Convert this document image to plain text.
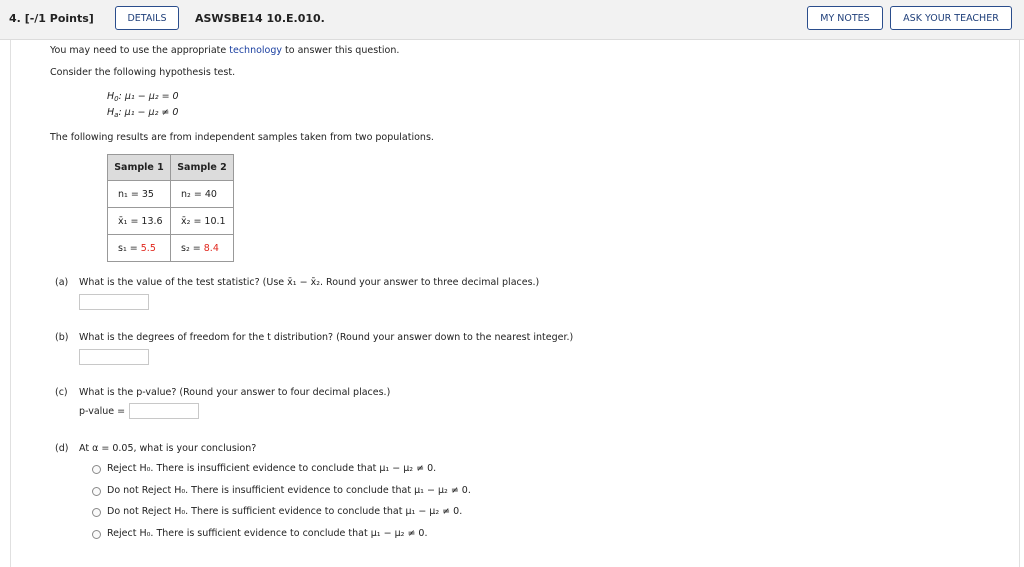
4. [-/1 Points]	DETAILS	ASWSBE14 10.E.010.	MY NOTES	ASK YOUR TEACHER
You may need to use the appropriate technology to answer this question.
Consider the following hypothesis test.
$H_0$: μ₁ − μ₂ = 0
$H_a$: μ₁ − μ₂ ≠ 0
The following results are from independent samples taken from two populations.
Sample 1	Sample 2
n₁ = 35	n₂ = 40
x̄₁ = 13.6	x̄₂ = 10.1
s₁ = 5.5	s₂ = 8.4
(a) What is the value of the test statistic? (Use x̄₁ − x̄₂. Round your answer to three decimal places.)
(b) What is the degrees of freedom for the t distribution? (Round your answer down to the nearest integer.)
(c) What is the p-value? (Round your answer to four decimal places.)
p-value =
(d) At α = 0.05, what is your conclusion?
Reject H₀. There is insufficient evidence to conclude that μ₁ − μ₂ ≠ 0.
Do not Reject H₀. There is insufficient evidence to conclude that μ₁ − μ₂ ≠ 0.
Do not Reject H₀. There is sufficient evidence to conclude that μ₁ − μ₂ ≠ 0.
Reject H₀. There is sufficient evidence to conclude that μ₁ − μ₂ ≠ 0.
